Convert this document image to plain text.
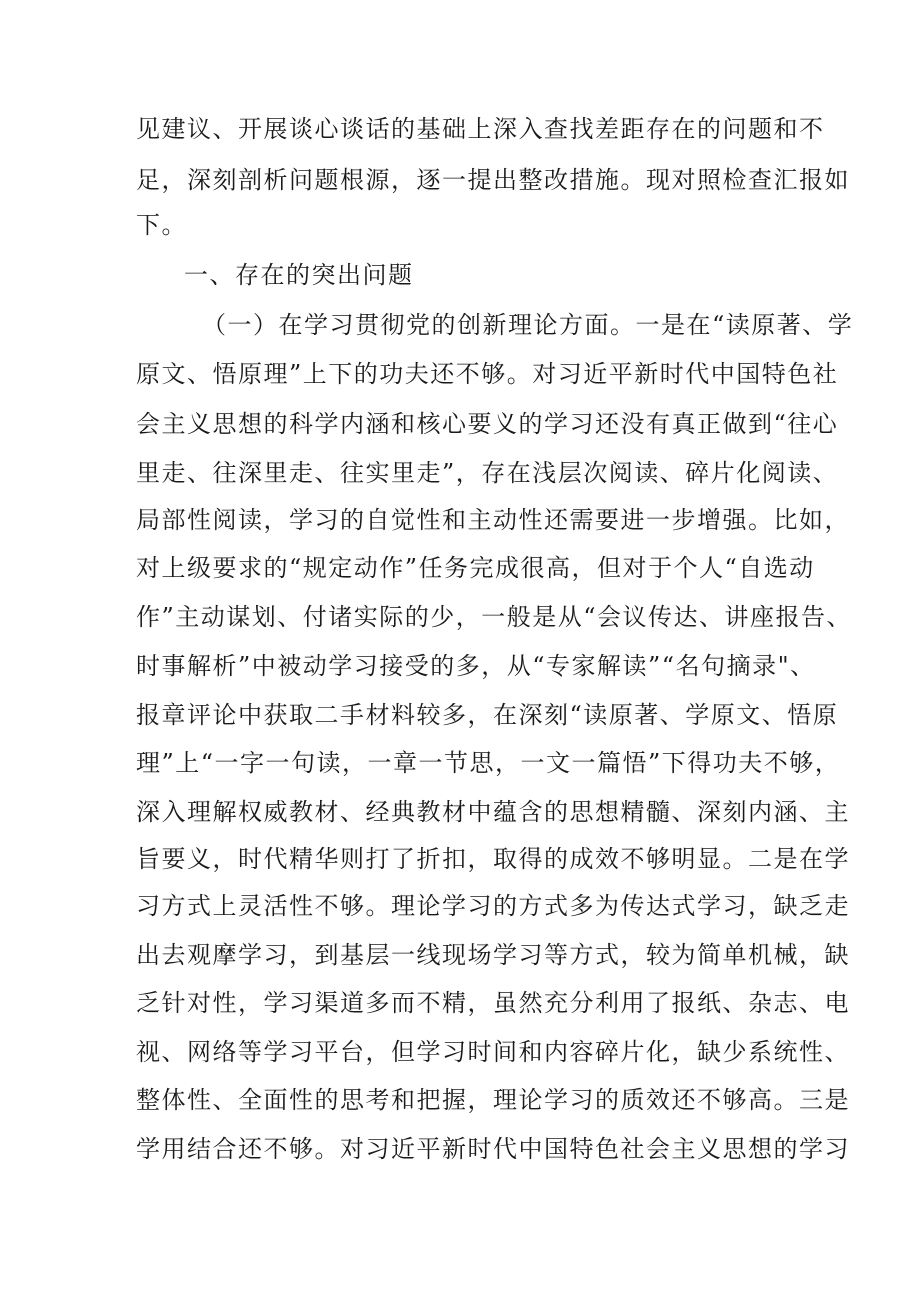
见建议、开展谈心谈话的基础上深入查找差距存在的问题和不
足，深刻剖析问题根源，逐一提出整改措施。现对照检查汇报如
下。
一、存在的突出问题
（一）在学习贯彻党的创新理论方面。一是在“读原著、学
原文、悟原理”上下的功夫还不够。对习近平新时代中国特色社
会主义思想的科学内涵和核心要义的学习还没有真正做到“往心
里走、往深里走、往实里走”，存在浅层次阅读、碎片化阅读、
局部性阅读，学习的自觉性和主动性还需要进一步增强。比如，
对上级要求的“规定动作”任务完成很高，但对于个人“自选动
作”主动谋划、付诸实际的少，一般是从“会议传达、讲座报告、
时事解析”中被动学习接受的多，从“专家解读”“名句摘录"、
报章评论中获取二手材料较多，在深刻“读原著、学原文、悟原
理”上“一字一句读，一章一节思，一文一篇悟”下得功夫不够，
深入理解权威教材、经典教材中蕴含的思想精髓、深刻内涵、主
旨要义，时代精华则打了折扣，取得的成效不够明显。二是在学
习方式上灵活性不够。理论学习的方式多为传达式学习，缺乏走
出去观摩学习，到基层一线现场学习等方式，较为简单机械，缺
乏针对性，学习渠道多而不精，虽然充分利用了报纸、杂志、电
视、网络等学习平台，但学习时间和内容碎片化，缺少系统性、
整体性、全面性的思考和把握，理论学习的质效还不够高。三是
学用结合还不够。对习近平新时代中国特色社会主义思想的学习
